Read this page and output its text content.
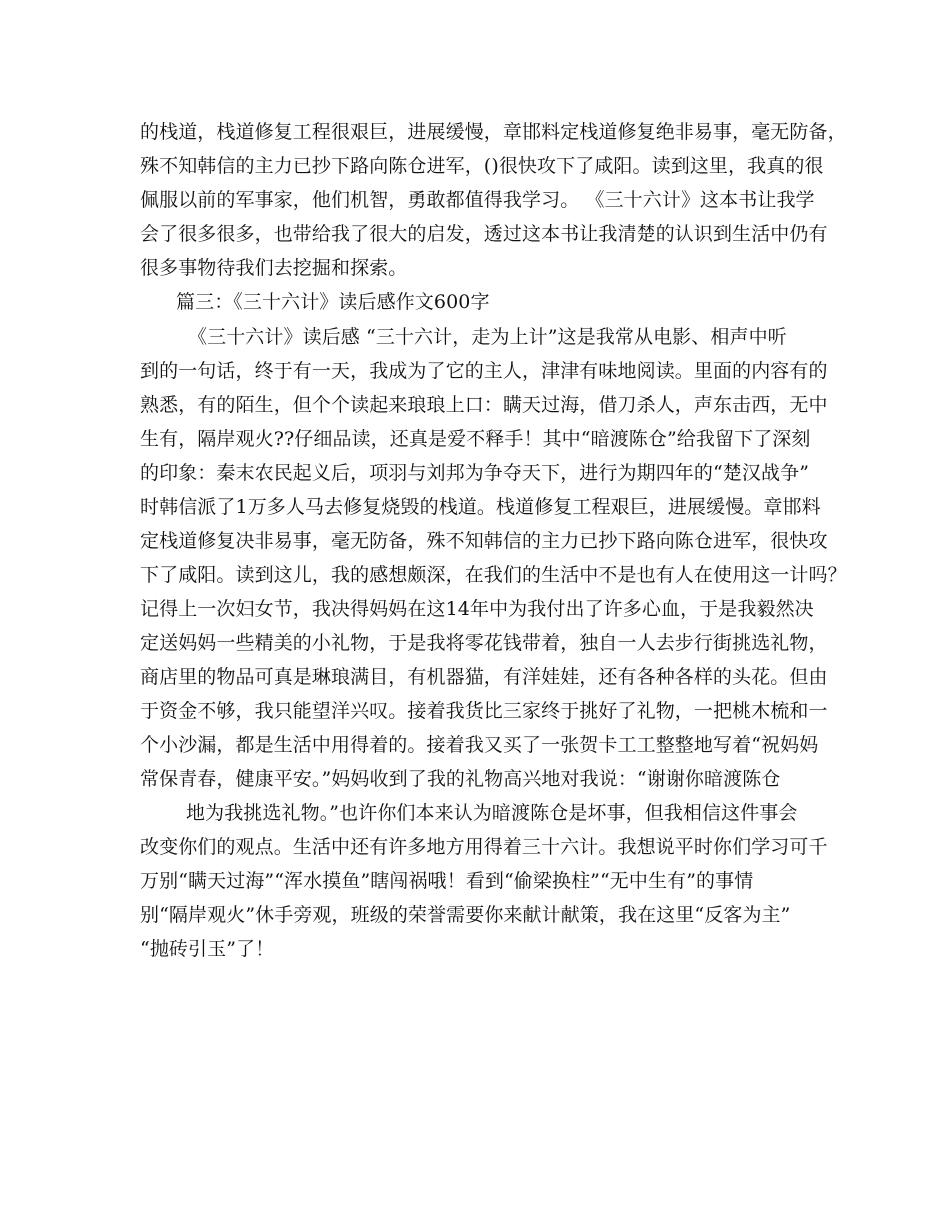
的栈道，栈道修复工程很艰巨，进展缓慢，章邯料定栈道修复绝非易事，毫无防备，
殊不知韩信的主力已抄下路向陈仓进军，()很快攻下了咸阳。读到这里，我真的很
佩服以前的军事家，他们机智，勇敢都值得我学习。 《三十六计》这本书让我学
会了很多很多，也带给我了很大的启发，透过这本书让我清楚的认识到生活中仍有
很多事物待我们去挖掘和探索。
篇三：《三十六计》读后感作文600字
《三十六计》读后感 “三十六计，走为上计”这是我常从电影、相声中听
到的一句话，终于有一天，我成为了它的主人，津津有味地阅读。里面的内容有的
熟悉，有的陌生，但个个读起来琅琅上口：瞒天过海，借刀杀人，声东击西，无中
生有，隔岸观火??仔细品读，还真是爱不释手！其中“暗渡陈仓”给我留下了深刻
的印象：秦末农民起义后，项羽与刘邦为争夺天下，进行为期四年的“楚汉战争”
时韩信派了1万多人马去修复烧毁的栈道。栈道修复工程艰巨，进展缓慢。章邯料
定栈道修复决非易事，毫无防备，殊不知韩信的主力已抄下路向陈仓进军，很快攻
下了咸阳。读到这儿，我的感想颇深，在我们的生活中不是也有人在使用这一计吗？
记得上一次妇女节，我决得妈妈在这14年中为我付出了许多心血，于是我毅然决
定送妈妈一些精美的小礼物，于是我将零花钱带着，独自一人去步行街挑选礼物，
商店里的物品可真是琳琅满目，有机器猫，有洋娃娃，还有各种各样的头花。但由
于资金不够，我只能望洋兴叹。接着我货比三家终于挑好了礼物，一把桃木梳和一
个小沙漏，都是生活中用得着的。接着我又买了一张贺卡工工整整地写着“祝妈妈
常保青春，健康平安。”妈妈收到了我的礼物高兴地对我说：“谢谢你暗渡陈仓
地为我挑选礼物。”也许你们本来认为暗渡陈仓是坏事，但我相信这件事会
改变你们的观点。生活中还有许多地方用得着三十六计。我想说平时你们学习可千
万别“瞒天过海”“浑水摸鱼”瞎闯祸哦！看到“偷梁换柱”“无中生有”的事情
别“隔岸观火”休手旁观，班级的荣誉需要你来献计献策，我在这里“反客为主”
“抛砖引玉”了！
